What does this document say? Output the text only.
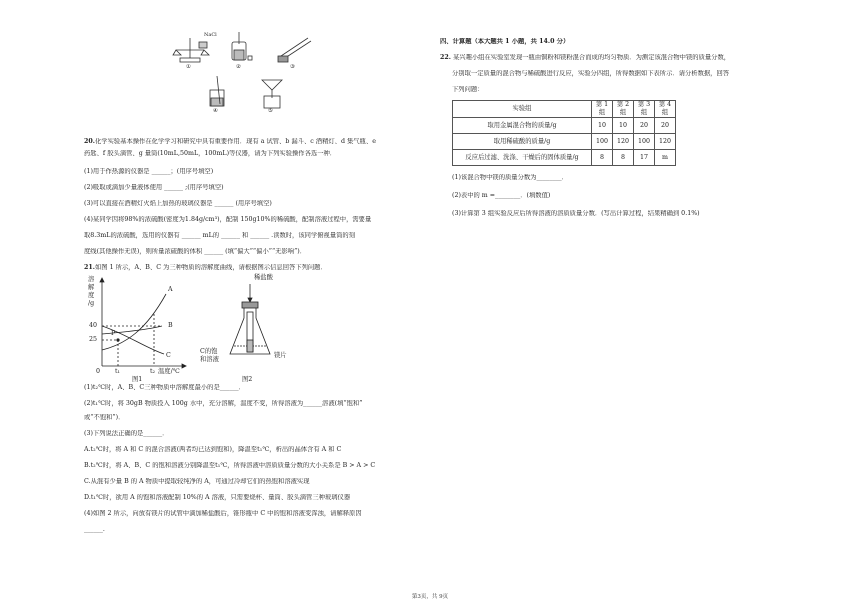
NaCl
①	②	③
④	⑤
20.化学实验基本操作在化学学习和研究中具有重要作用．现有 a 试管、b 漏斗、c 酒精灯、d 集气瓶、e
药匙、f 胶头滴管、g 量筒(10mL,50mL，100mL)等仪器，请为下列实验操作各选一种．
(1)用于作热源的仪器是 ______；(用序号填空)
(2)吸取或滴加少量液体使用 ______ ;(用序号填空)
(3)可以直接在酒精灯火焰上加热的玻璃仪器是 ______ (用序号填空)
(4)某同学因将98%的浓硫酸(密度为1.84g/cm³)，配制 150g10%的稀硫酸，配制溶液过程中，需要量
取8.3mL的浓硫酸，选用的仪器有 ______ mL的 ______ 和 ______ .读数时，该同学俯视量筒的刻
度线(其他操作无误)，则所量浓硫酸的体积 ______ (填“偏大”“偏小”“无影响”)．
21.如图 1 所示，A、B、C 为三种物质的溶解度曲线，请根据图示信息回答下列问题．
溶
解
度
/g
40
25
0 t₁	t₂ 温度/℃
A
B
C
P
图1
稀盐酸
C的饱
和溶液
镁片
图2
(1)t₂℃时，A、B、C三种物质中溶解度最小的是______．
(2)t₁℃时，将 30gB 物质投入 100g 水中，充分溶解，温度不变，所得溶液为______溶液(填“饱和”
或“不饱和”)．
(3)下列说法正确的是______．
A.t₂℃时，将 A 和 C 的混合溶液(两者均已达到饱和)，降温至t₁℃，析出的晶体含有 A 和 C
B.t₂℃时，将 A、B、C 的饱和溶液分别降温至t₁℃，所得溶液中溶质质量分数的大小关系是 B > A > C
C.从混有少量 B 的 A 物质中提取较纯净的 A，可通过冷却它们的热饱和溶液实现
D.t₁℃时，欲用 A 的饱和溶液配制 10%的 A 溶液，只需要烧杯、量筒、胶头滴管三种玻璃仪器
(4)如图 2 所示，向放有镁片的试管中滴加稀盐酸后，锥形瓶中 C 中的饱和溶液变浑浊，请解释原因
______.
四、计算题（本大题共 1 小题，共 14.0 分）
22. 某兴趣小组在实验室发现一瓶由铜粉和镁粉混合而成的均匀物质．为测定该混合物中镁的质量分数，
分别取一定质量的混合物与稀硫酸进行反应，实验分四组，所得数据如下表所示．请分析数据，回答
下列问题：
实验组	第 1 组	第 2 组	第 3 组	第 4 组
取用金属混合物的质量/g	10	10	20	20
取用稀硫酸的质量/g	100	120	100	120
反应后过滤、洗涤、干燥后的固体质量/g	8	8	17	m
(1)该混合物中镁的质量分数为________．
(2)表中的 m =________．(填数值)
(3)计算第 3 组实验反应后所得溶液的溶质质量分数．(写出计算过程，结果精确到 0.1%)
第3页，共 9页
